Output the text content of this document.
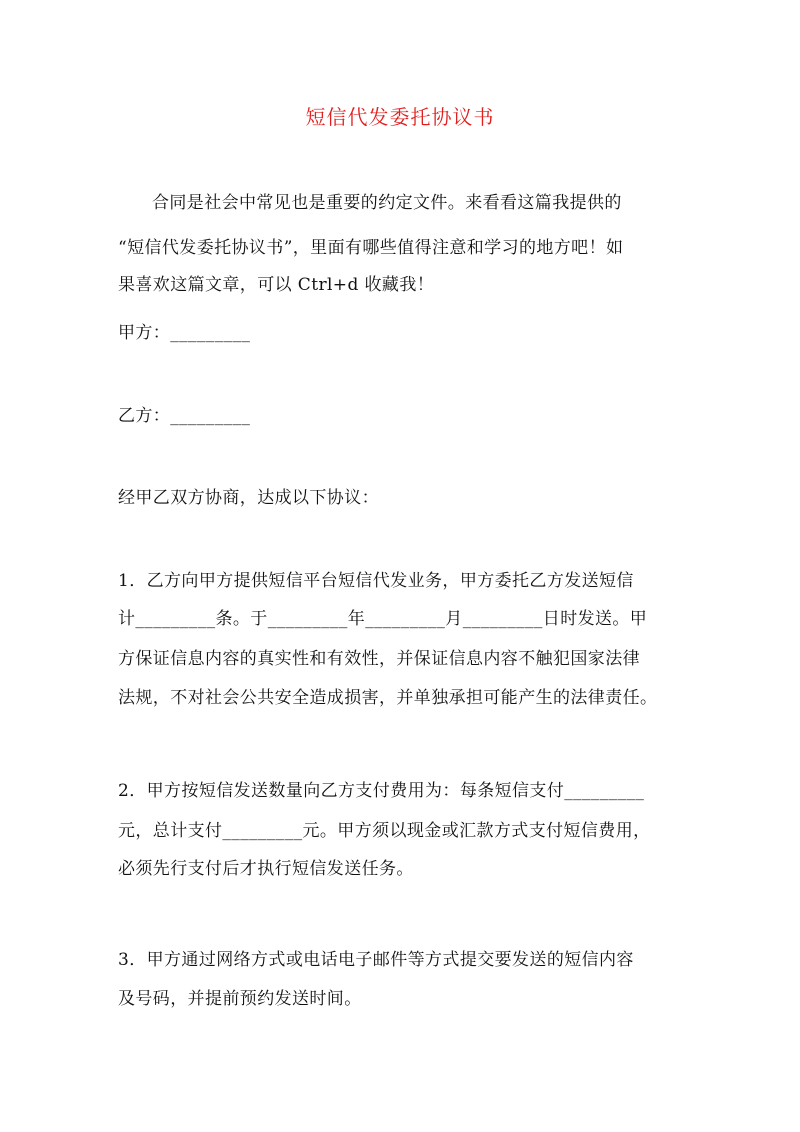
短信代发委托协议书
合同是社会中常见也是重要的约定文件。来看看这篇我提供的
“短信代发委托协议书”，里面有哪些值得注意和学习的地方吧！如
果喜欢这篇文章，可以 Ctrl+d 收藏我！
甲方：_________
乙方：_________
经甲乙双方协商，达成以下协议：
1．乙方向甲方提供短信平台短信代发业务，甲方委托乙方发送短信
计_________条。于_________年_________月_________日时发送。甲
方保证信息内容的真实性和有效性，并保证信息内容不触犯国家法律
法规，不对社会公共安全造成损害，并单独承担可能产生的法律责任。
2．甲方按短信发送数量向乙方支付费用为：每条短信支付_________
元，总计支付_________元。甲方须以现金或汇款方式支付短信费用，
必须先行支付后才执行短信发送任务。
3．甲方通过网络方式或电话电子邮件等方式提交要发送的短信内容
及号码，并提前预约发送时间。
